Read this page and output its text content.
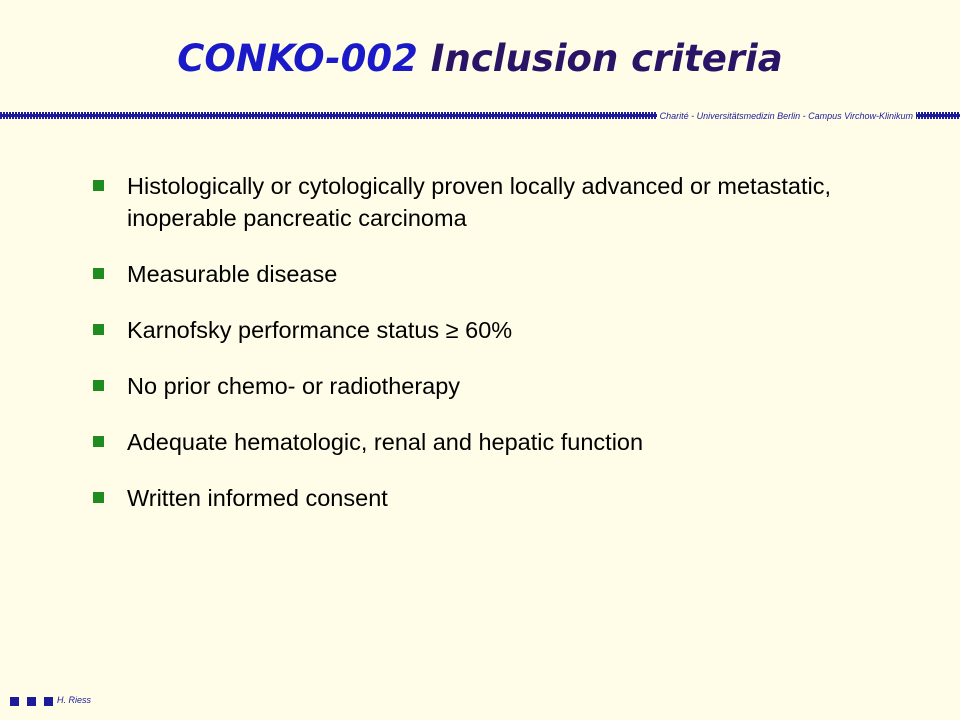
CONKO-002 Inclusion criteria
Charité - Universitätsmedizin Berlin - Campus Virchow-Klinikum
Histologically or cytologically proven locally advanced or metastatic, inoperable pancreatic carcinoma
Measurable disease
Karnofsky performance status ≥ 60%
No prior chemo- or radiotherapy
Adequate hematologic, renal and hepatic function
Written informed consent
H. Riess
